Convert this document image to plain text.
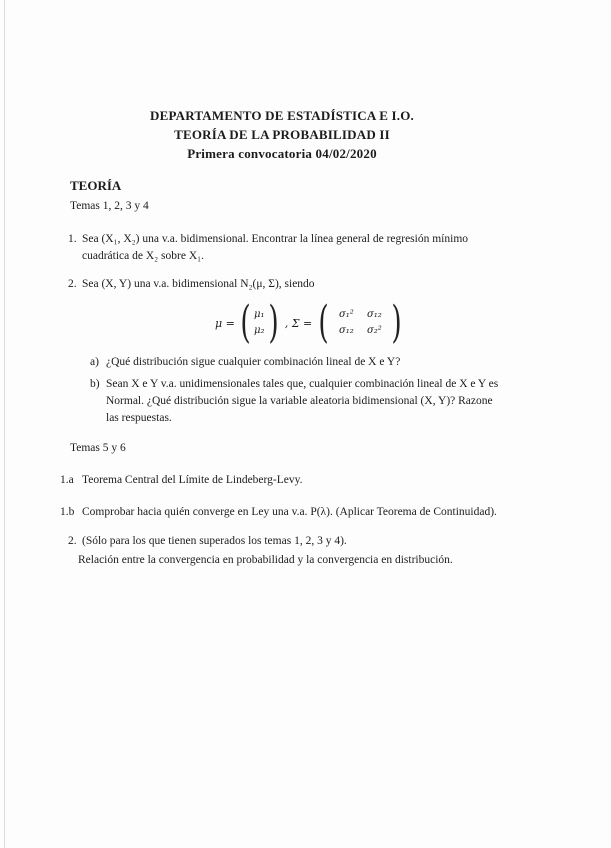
DEPARTAMENTO DE ESTADÍSTICA E I.O.
TEORÍA DE LA PROBABILIDAD II
Primera convocatoria 04/02/2020
TEORÍA
Temas 1, 2, 3 y 4
1. Sea (X₁, X₂) una v.a. bidimensional. Encontrar la línea general de regresión mínimo
cuadrática de X₂ sobre X₁.
2. Sea (X, Y) una v.a. bidimensional N₂(μ, Σ), siendo
μ = ( μ₁
μ₂ ) , Σ = (	σ₁²	σ₁₂
σ₁₂	σ₂² )
a) ¿Qué distribución sigue cualquier combinación lineal de X e Y?
b) Sean X e Y v.a. unidimensionales tales que, cualquier combinación lineal de X e Y es
Normal. ¿Qué distribución sigue la variable aleatoria bidimensional (X, Y)? Razone
las respuestas.
Temas 5 y 6
1.a Teorema Central del Límite de Lindeberg-Levy.
1.b Comprobar hacia quién converge en Ley una v.a. P(λ). (Aplicar Teorema de Continuidad).
2. (Sólo para los que tienen superados los temas 1, 2, 3 y 4).
Relación entre la convergencia en probabilidad y la convergencia en distribución.
